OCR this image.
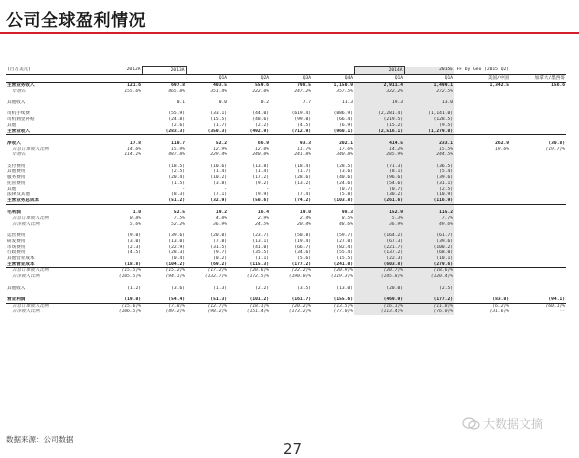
公司全球盈利情况
(百万美元)	2012A	2013A					2014A	2015E	FF by Geo (2015 Q2)	
			Q1A	Q2A	Q3A	Q4A	Q1A	Q1A	美国/中国	加拿大/墨西哥
主营业务收入	121.6	697.8	403.5	559.6	798.5	1,150.9	2,911.4	1,499.1	1,342.5	156.6
年增长	155.6%	465.8%	351.4%	222.0%	247.2%	357.5%	322.2%	272.5%		

其他收入		0.1	0.0	0.2	7.7	11.3	19.3	13.0		

司机手续费		(55.9)	(33.1)	(44.0)	(619.4)	(886.9)	(2,281.4)	(1,141.0)		
司机佣金补贴		(24.8)	(15.5)	(48.6)	(99.0)	(66.4)	(219.5)	(128.5)		
其他		(2.6)	(1.7)	(2.2)	(4.5)	(6.9)	(15.2)	(9.5)		
主营业收入		(283.3)	(350.3)	(492.9)	(712.9)	(960.1)	(2,516.1)	(1,279.0)		

净收入	17.8	110.7	52.2	66.9	93.3	202.1	414.5	233.1	262.9	(30.8)
占总订单收入比例	14.6%	15.9%	12.9%	12.0%	11.7%	17.6%	14.2%	15.5%	19.6%	(19.7)%
年增长	114.1%	487.8%	229.4%	240.0%	241.8%	340.8%	285.9%	244.5%		

支付费用		(18.5)	(10.6)	(13.8)	(18.4)	(28.5)	(71.3)	(36.5)		
其他费用		(2.5)	(1.4)	(1.4)	(1.7)	(3.6)	(8.1)	(5.4)		
服务费用		(20.4)	(10.2)	(17.2)	(28.6)	(40.6)	(96.6)	(39.6)		
托管费用		(1.5)	(3.8)	(9.2)	(13.2)	(24.6)	(54.6)	(31.1)		
其他		-	-	-	-	(0.7)	(0.7)	(2.5)		
法律及其他		(8.3)	(7.1)	(9.9)	(7.4)	(5.8)	(30.2)	(10.9)		
主营业务总成本		(51.2)	(32.9)	(50.6)	(74.2)	(103.8)	(261.6)	(116.9)		

毛利润	1.0	52.5	19.2	16.4	19.0	98.3	152.9	115.2		
占总订单收入比例	0.8%	7.5%	4.8%	2.9%	2.4%	8.5%	5.3%	7.7%		
占净收入比例	5.6%	52.2%	36.9%	24.5%	20.4%	48.6%	36.9%	49.6%		

运营费用	(9.0)	(39.6)	(20.0)	(23.7)	(50.8)	(59.7)	(164.2)	(61.7)		
研发费用	(3.0)	(13.0)	(7.8)	(13.1)	(19.4)	(27.0)	(67.3)	(39.6)		
市场费用	(2.3)	(22.9)	(31.5)	(41.0)	(66.7)	(82.4)	(221.7)	(100.2)		
行政费用	(4.5)	(28.3)	(9.7)	(35.5)	(34.6)	(55.4)	(137.2)	(68.0)		
其他营业成本		(0.4)	(0.2)	(1.1)	(5.6)	(15.5)	(22.3)	(10.1)		
主营营业成本	(18.8)	(104.2)	(69.2)	(115.3)	(177.2)	(241.0)	(603.8)	(279.6)		
占总订单收入比例	(15.5)%	(15.2)%	(17.2)%	(20.6)%	(22.2)%	(20.9)%	(20.7)%	(18.6)%		
占净收入比例	(105.5)%	(94.1)%	(132.7)%	(172.5)%	(190.0)%	(119.3)%	(145.8)%	(120.4)%		

其他收入	(1.2)	(3.6)	(1.3)	(2.2)	(3.5)	(13.0)	(20.0)	(2.5)		

营业利润	(19.0)	(54.4)	(51.3)	(101.2)	(161.7)	(155.6)	(469.9)	(177.2)	(83.0)	(94.1)
占总订单收入比例	(15.6)%	(7.8)%	(12.7)%	(18.1)%	(20.2)%	(13.5)%	(16.1)%	(11.8)%	(6.2)%	(60.1)%
占净收入比例	(106.5)%	(49.2)%	(98.2)%	(151.4)%	(173.2)%	(77.0)%	(113.4)%	(76.0)%	(31.6)%	--
数据来源：公司数据
27
大数据文摘
